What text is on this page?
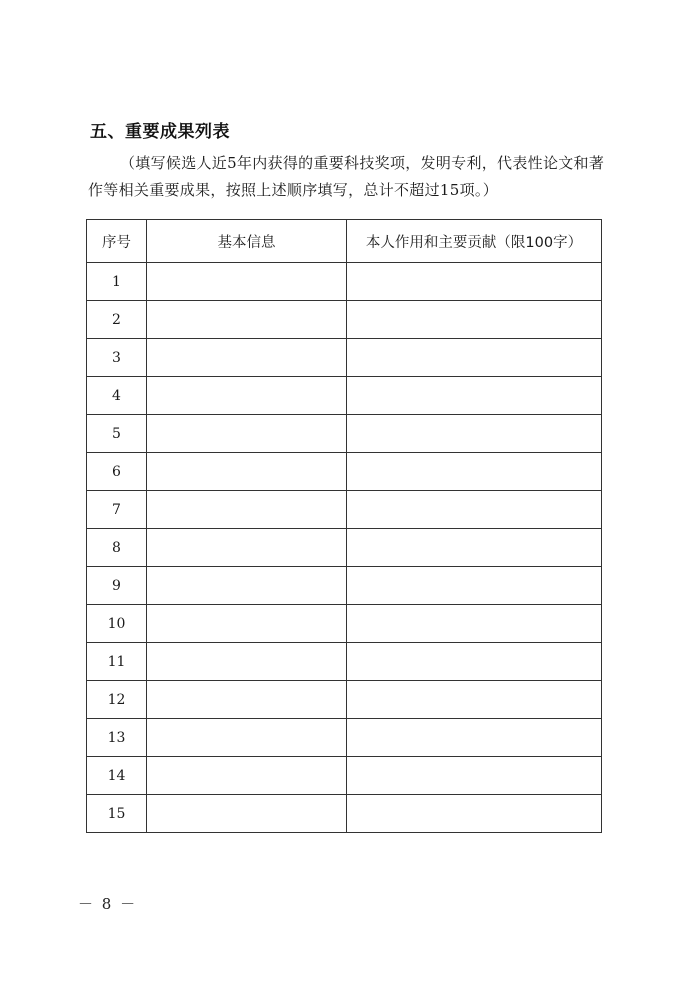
五、重要成果列表
（填写候选人近5年内获得的重要科技奖项，发明专利，代表性论文和著作等相关重要成果，按照上述顺序填写，总计不超过15项。）
序号	基本信息	本人作用和主要贡献（限100字）
1		
2		
3		
4		
5		
6		
7		
8		
9		
10		
11		
12		
13		
14		
15		
－ 8 －
